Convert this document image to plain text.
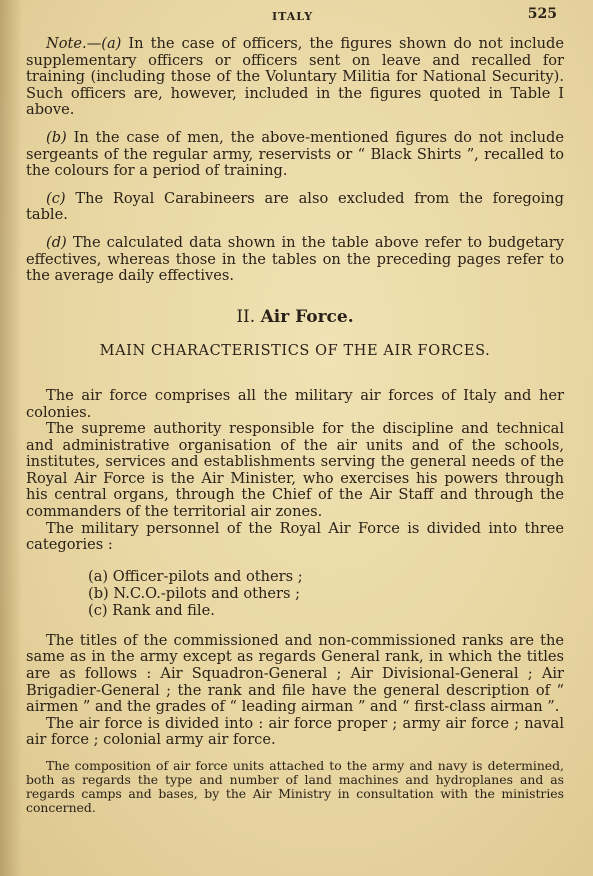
ITALY	525

Note.—(a) In the case of officers, the figures shown do not include supplementary officers or officers sent on leave and recalled for training (including those of the Voluntary Militia for National Security). Such officers are, however, included in the figures quoted in Table I above.

(b) In the case of men, the above-mentioned figures do not include sergeants of the regular army, reservists or “ Black Shirts ”, recalled to the colours for a period of training.

(c) The Royal Carabineers are also excluded from the foregoing table.

(d) The calculated data shown in the table above refer to budgetary effectives, whereas those in the tables on the preceding pages refer to the average daily effectives.

II. Air Force.

MAIN CHARACTERISTICS OF THE AIR FORCES.

The air force comprises all the military air forces of Italy and her colonies.

The supreme authority responsible for the discipline and technical and administrative organisation of the air units and of the schools, institutes, services and establishments serving the general needs of the Royal Air Force is the Air Minister, who exercises his powers through his central organs, through the Chief of the Air Staff and through the commanders of the territorial air zones.

The military personnel of the Royal Air Force is divided into three categories :

(a) Officer-pilots and others ;
(b) N.C.O.-pilots and others ;
(c) Rank and file.

The titles of the commissioned and non-commissioned ranks are the same as in the army except as regards General rank, in which the titles are as follows : Air Squadron-General ; Air Divisional-General ; Air Brigadier-General ; the rank and file have the general description of “ airmen ” and the grades of “ leading airman ” and “ first-class airman ”.

The air force is divided into : air force proper ; army air force ; naval air force ; colonial army air force.

The composition of air force units attached to the army and navy is determined, both as regards the type and number of land machines and hydroplanes and as regards camps and bases, by the Air Ministry in consultation with the ministries concerned.
